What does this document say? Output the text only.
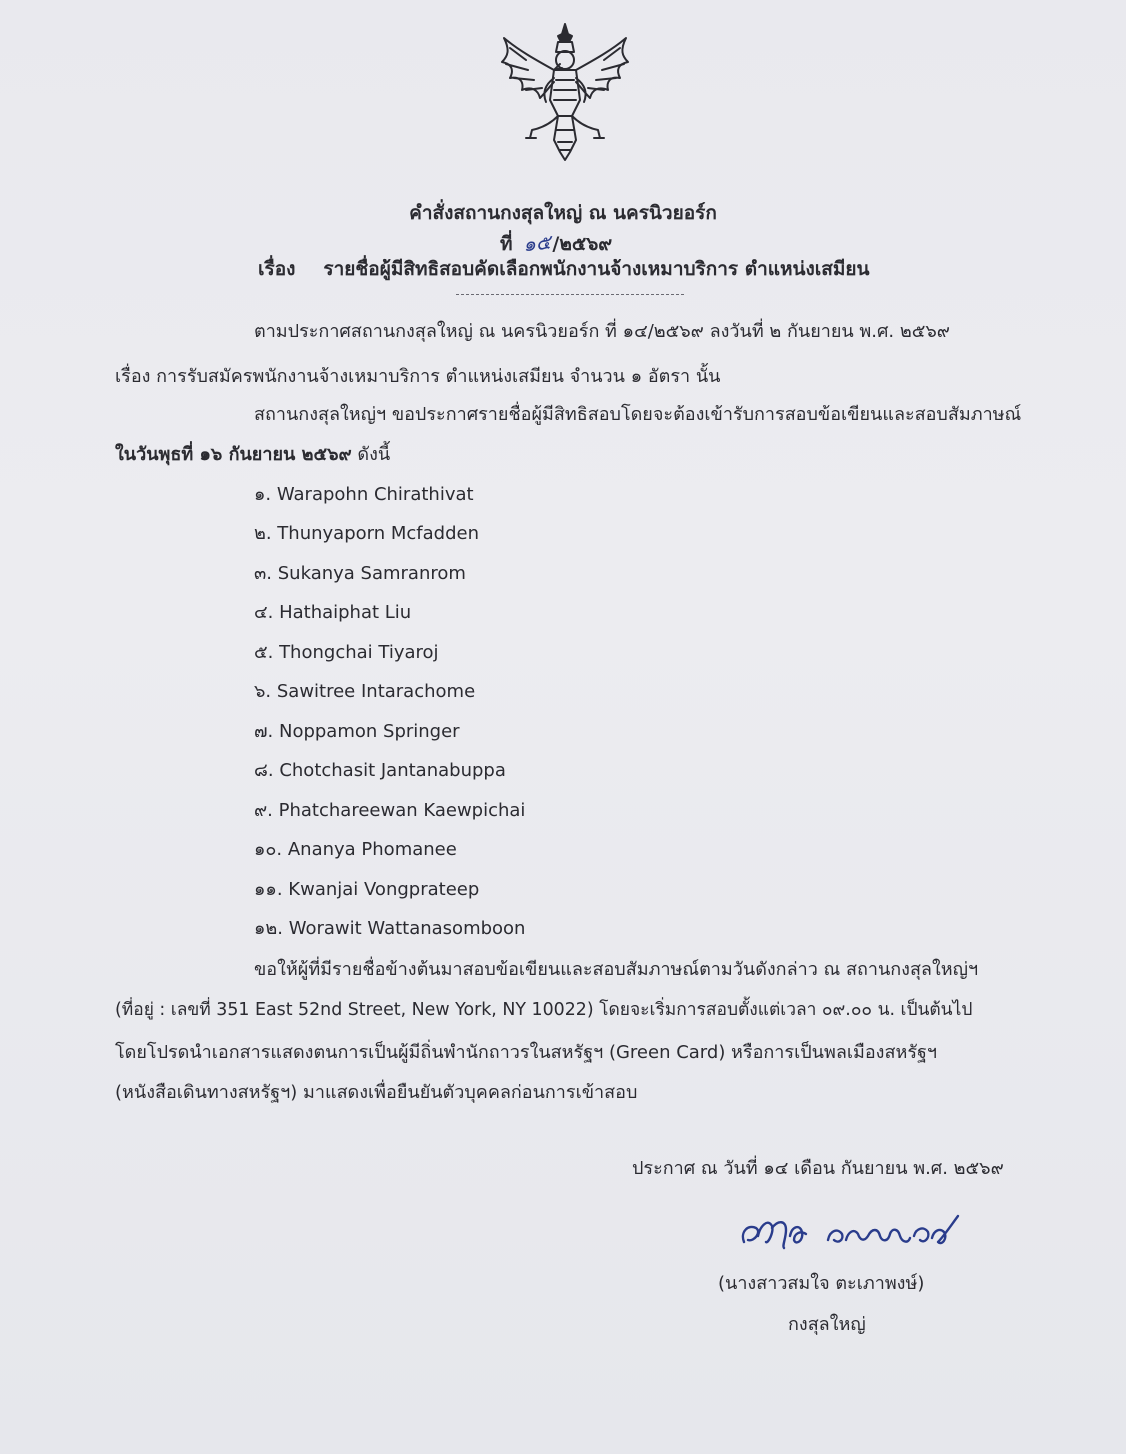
คำสั่งสถานกงสุลใหญ่ ณ นครนิวยอร์ก
ที่ ๑๕/๒๕๖๙
เรื่อง รายชื่อผู้มีสิทธิสอบคัดเลือกพนักงานจ้างเหมาบริการ ตำแหน่งเสมียน
ตามประกาศสถานกงสุลใหญ่ ณ นครนิวยอร์ก ที่ ๑๔/๒๕๖๙ ลงวันที่ ๒ กันยายน พ.ศ. ๒๕๖๙
เรื่อง การรับสมัครพนักงานจ้างเหมาบริการ ตำแหน่งเสมียน จำนวน ๑ อัตรา นั้น
สถานกงสุลใหญ่ฯ ขอประกาศรายชื่อผู้มีสิทธิสอบโดยจะต้องเข้ารับการสอบข้อเขียนและสอบสัมภาษณ์
ในวันพุธที่ ๑๖ กันยายน ๒๕๖๙ ดังนี้
๑. Warapohn Chirathivat
๒. Thunyaporn Mcfadden
๓. Sukanya Samranrom
๔. Hathaiphat Liu
๕. Thongchai Tiyaroj
๖. Sawitree Intarachome
๗. Noppamon Springer
๘. Chotchasit Jantanabuppa
๙. Phatchareewan Kaewpichai
๑๐. Ananya Phomanee
๑๑. Kwanjai Vongprateep
๑๒. Worawit Wattanasomboon
ขอให้ผู้ที่มีรายชื่อข้างต้นมาสอบข้อเขียนและสอบสัมภาษณ์ตามวันดังกล่าว ณ สถานกงสุลใหญ่ฯ
(ที่อยู่ : เลขที่ 351 East 52nd Street, New York, NY 10022) โดยจะเริ่มการสอบตั้งแต่เวลา ๐๙.๐๐ น. เป็นต้นไป
โดยโปรดนำเอกสารแสดงตนการเป็นผู้มีถิ่นพำนักถาวรในสหรัฐฯ (Green Card) หรือการเป็นพลเมืองสหรัฐฯ
(หนังสือเดินทางสหรัฐฯ) มาแสดงเพื่อยืนยันตัวบุคคลก่อนการเข้าสอบ
ประกาศ ณ วันที่ ๑๔ เดือน กันยายน พ.ศ. ๒๕๖๙
(นางสาวสมใจ ตะเภาพงษ์)
กงสุลใหญ่
